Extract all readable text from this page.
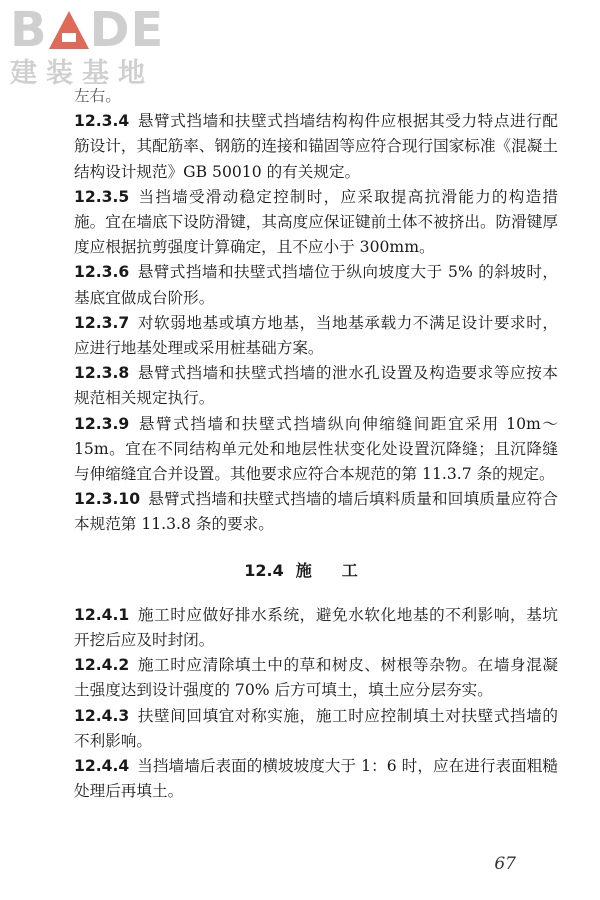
B DE
建装基地

左右。

12.3.4 悬臂式挡墙和扶壁式挡墙结构构件应根据其受力特点进行配筋设计，其配筋率、钢筋的连接和锚固等应符合现行国家标准《混凝土结构设计规范》GB 50010 的有关规定。

12.3.5 当挡墙受滑动稳定控制时，应采取提高抗滑能力的构造措施。宜在墙底下设防滑键，其高度应保证键前土体不被挤出。防滑键厚度应根据抗剪强度计算确定，且不应小于 300mm。

12.3.6 悬臂式挡墙和扶壁式挡墙位于纵向坡度大于 5% 的斜坡时，基底宜做成台阶形。

12.3.7 对软弱地基或填方地基，当地基承载力不满足设计要求时，应进行地基处理或采用桩基础方案。

12.3.8 悬臂式挡墙和扶壁式挡墙的泄水孔设置及构造要求等应按本规范相关规定执行。

12.3.9 悬臂式挡墙和扶壁式挡墙纵向伸缩缝间距宜采用 10m～15m。宜在不同结构单元处和地层性状变化处设置沉降缝；且沉降缝与伸缩缝宜合并设置。其他要求应符合本规范的第 11.3.7 条的规定。

12.3.10 悬臂式挡墙和扶壁式挡墙的墙后填料质量和回填质量应符合本规范第 11.3.8 条的要求。

12.4 施工

12.4.1 施工时应做好排水系统，避免水软化地基的不利影响，基坑开挖后应及时封闭。

12.4.2 施工时应清除填土中的草和树皮、树根等杂物。在墙身混凝土强度达到设计强度的 70% 后方可填土，填土应分层夯实。

12.4.3 扶壁间回填宜对称实施，施工时应控制填土对扶壁式挡墙的不利影响。

12.4.4 当挡墙墙后表面的横坡坡度大于 1：6 时，应在进行表面粗糙处理后再填土。

67
